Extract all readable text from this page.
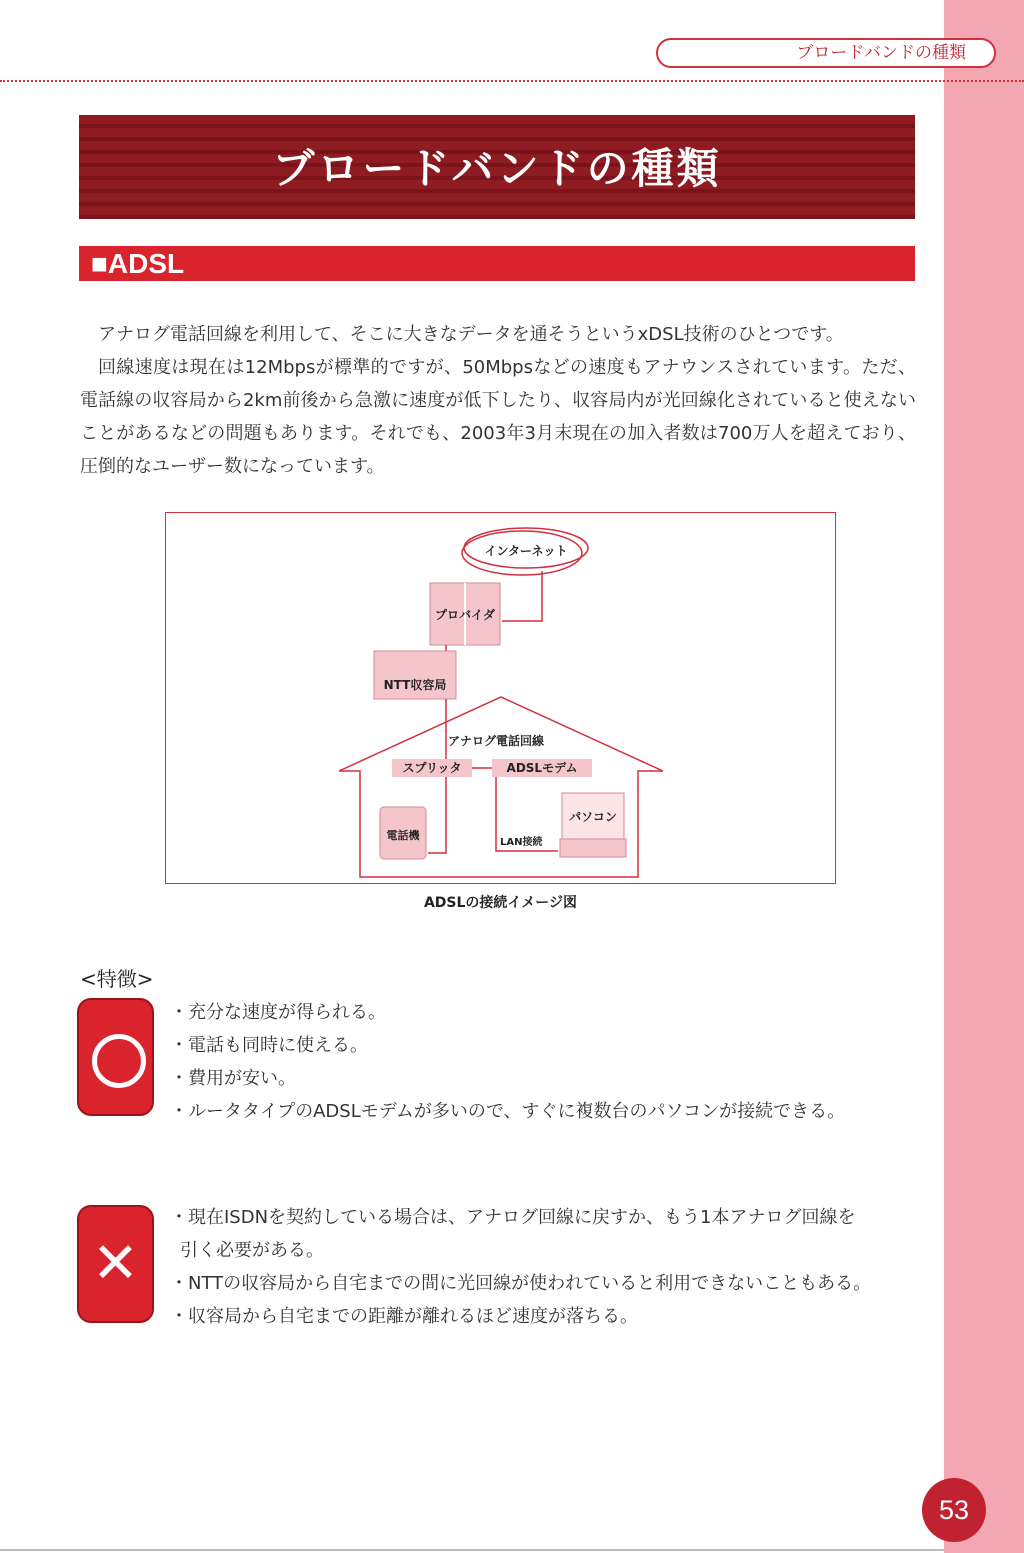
ブロードバンドの種類
ブロードバンドの種類
■ADSL

アナログ電話回線を利用して、そこに大きなデータを通そうというxDSL技術のひとつです。

回線速度は現在は12Mbpsが標準的ですが、50Mbpsなどの速度もアナウンスされています。ただ、電話線の収容局から2km前後から急激に速度が低下したり、収容局内が光回線化されていると使えないことがあるなどの問題もあります。それでも、2003年3月末現在の加入者数は700万人を超えており、圧倒的なユーザー数になっています。

インターネット
プロバイダ
NTT収容局
アナログ電話回線
スプリッタ	ADSLモデム
電話機
LAN接続
パソコン
ADSLの接続イメージ図
<特徴>
・充分な速度が得られる。
・電話も同時に使える。
・費用が安い。
・ルータタイプのADSLモデムが多いので、すぐに複数台のパソコンが接続できる。
✕
・現在ISDNを契約している場合は、アナログ回線に戻すか、もう1本アナログ回線を
引く必要がある。
・NTTの収容局から自宅までの間に光回線が使われていると利用できないこともある。
・収容局から自宅までの距離が離れるほど速度が落ちる。
53
